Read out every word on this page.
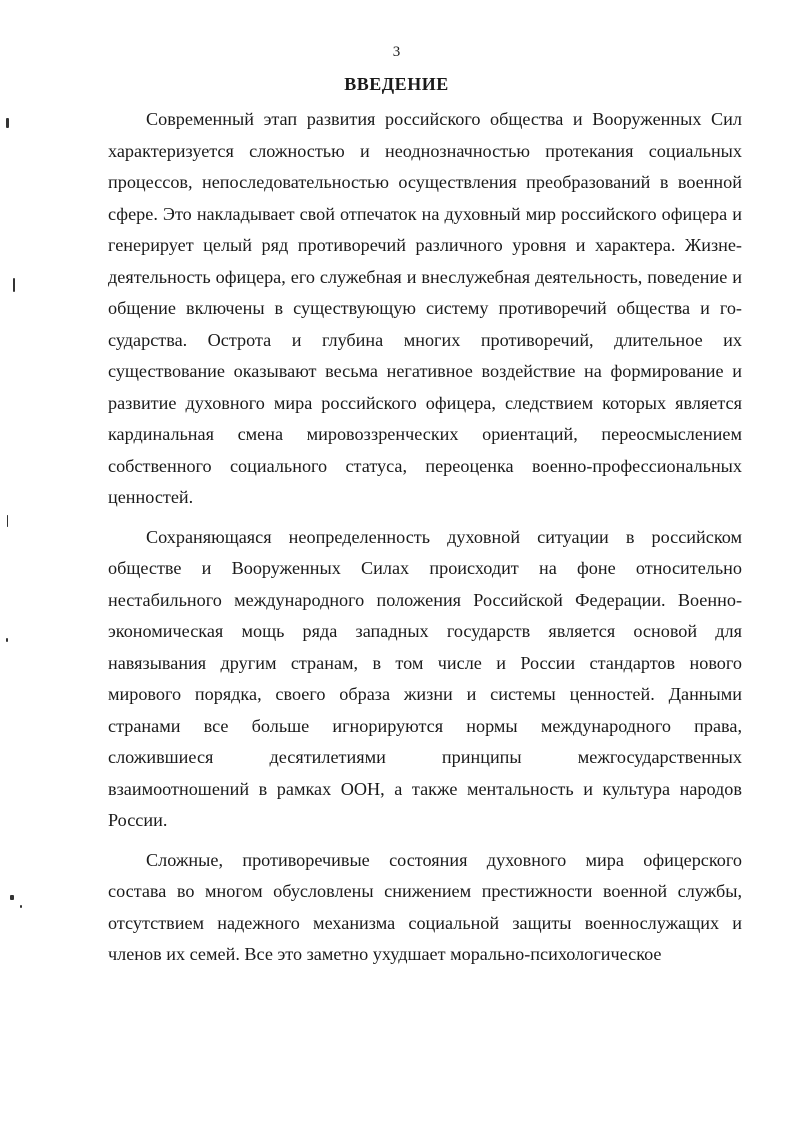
3
ВВЕДЕНИЕ

Современный этап развития российского общества и Вооруженных Сил
характеризуется сложностью и неоднозначностью протекания социальных
процессов, непоследовательностью осуществления преобразований в военной
сфере. Это накладывает свой отпечаток на духовный мир российского офицера и
генерирует целый ряд противоречий различного уровня и характера. Жизне-
деятельность офицера, его служебная и внеслужебная деятельность, поведение и
общение включены в существующую систему противоречий общества и го-
сударства. Острота и глубина многих противоречий, длительное их
существование оказывают весьма негативное воздействие на формирование и
развитие духовного мира российского офицера, следствием которых является
кардинальная смена мировоззренческих ориентаций, переосмыслением
собственного социального статуса, переоценка военно-профессиональных
ценностей.

Сохраняющаяся неопределенность духовной ситуации в российском
обществе и Вооруженных Силах происходит на фоне относительно
нестабильного международного положения Российской Федерации. Военно-
экономическая мощь ряда западных государств является основой для
навязывания другим странам, в том числе и России стандартов нового
мирового порядка, своего образа жизни и системы ценностей. Данными
странами все больше игнорируются нормы международного права,
сложившиеся десятилетиями принципы межгосударственных
взаимоотношений в рамках ООН, а также ментальность и культура народов
России.

Сложные, противоречивые состояния духовного мира офицерского
состава во многом обусловлены снижением престижности военной службы,
отсутствием надежного механизма социальной защиты военнослужащих и
членов их семей. Все это заметно ухудшает морально-психологическое
